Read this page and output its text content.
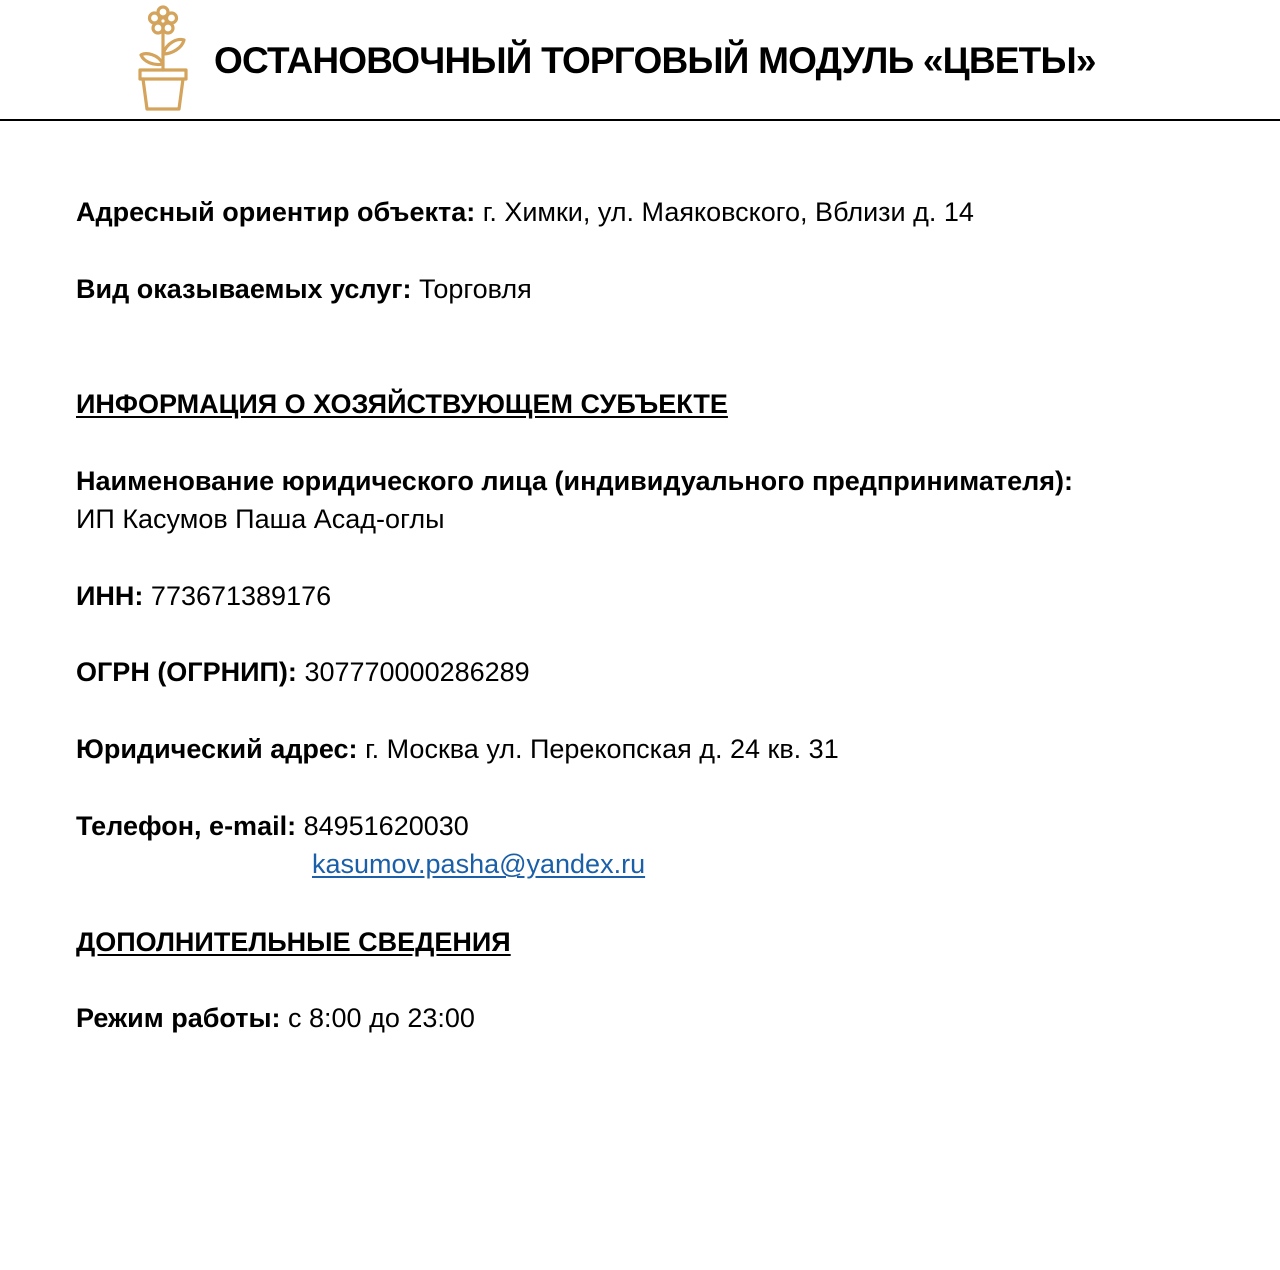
ОСТАНОВОЧНЫЙ ТОРГОВЫЙ МОДУЛЬ «ЦВЕТЫ»
Адресный ориентир объекта: г. Химки, ул. Маяковского, Вблизи д. 14
Вид оказываемых услуг: Торговля
ИНФОРМАЦИЯ О ХОЗЯЙСТВУЮЩЕМ СУБЪЕКТЕ
Наименование юридического лица (индивидуального предпринимателя):
ИП Касумов Паша Асад-оглы
ИНН: 773671389176
ОГРН (ОГРНИП): 307770000286289
Юридический адрес: г. Москва ул. Перекопская д. 24 кв. 31
Телефон, e-mail: 84951620030
kasumov.pasha@yandex.ru
ДОПОЛНИТЕЛЬНЫЕ СВЕДЕНИЯ
Режим работы: с 8:00 до 23:00
